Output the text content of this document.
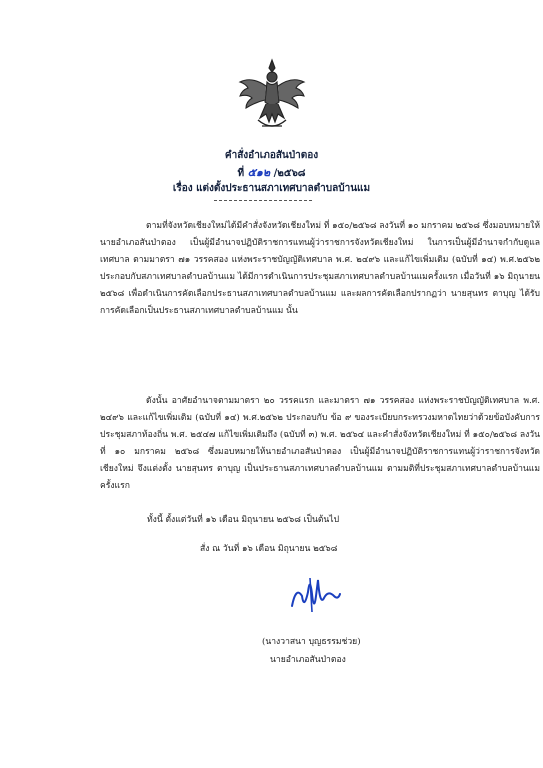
คำสั่งอำเภอสันป่าตอง
ที่ ๕๑๒ /๒๕๖๘
เรื่อง แต่งตั้งประธานสภาเทศบาลตำบลบ้านแม
ตามที่จังหวัดเชียงใหม่ได้มีคำสั่งจังหวัดเชียงใหม่ ที่ ๑๕๐/๒๕๖๘ ลงวันที่ ๑๐ มกราคม ๒๕๖๘ ซึ่งมอบหมายให้นายอำเภอสันป่าตอง เป็นผู้มีอำนาจปฏิบัติราชการแทนผู้ว่าราชการจังหวัดเชียงใหม่ ในการเป็นผู้มีอำนาจกำกับดูแลเทศบาล ตามมาตรา ๗๑ วรรคสอง แห่งพระราชบัญญัติเทศบาล พ.ศ. ๒๔๙๖ และแก้ไขเพิ่มเติม (ฉบับที่ ๑๔) พ.ศ.๒๕๖๒ ประกอบกับสภาเทศบาลตำบลบ้านแม ได้มีการดำเนินการประชุมสภาเทศบาลตำบลบ้านแมครั้งแรก เมื่อวันที่ ๑๖ มิถุนายน ๒๕๖๘ เพื่อดำเนินการคัดเลือกประธานสภาเทศบาลตำบลบ้านแม และผลการคัดเลือกปรากฏว่า นายสุนทร ตาบุญ ได้รับการคัดเลือกเป็นประธานสภาเทศบาลตำบลบ้านแม นั้น
ดังนั้น อาศัยอำนาจตามมาตรา ๒๐ วรรคแรก และมาตรา ๗๑ วรรคสอง แห่งพระราชบัญญัติเทศบาล พ.ศ. ๒๔๙๖ และแก้ไขเพิ่มเติม (ฉบับที่ ๑๔) พ.ศ.๒๕๖๒ ประกอบกับ ข้อ ๙ ของระเบียบกระทรวงมหาดไทยว่าด้วยข้อบังคับการประชุมสภาท้องถิ่น พ.ศ. ๒๕๔๗ แก้ไขเพิ่มเติมถึง (ฉบับที่ ๓) พ.ศ. ๒๕๖๔ และคำสั่งจังหวัดเชียงใหม่ ที่ ๑๕๐/๒๕๖๘ ลงวันที่ ๑๐ มกราคม ๒๕๖๘ ซึ่งมอบหมายให้นายอำเภอสันป่าตอง เป็นผู้มีอำนาจปฏิบัติราชการแทนผู้ว่าราชการจังหวัดเชียงใหม่ จึงแต่งตั้ง นายสุนทร ตาบุญ เป็นประธานสภาเทศบาลตำบลบ้านแม ตามมติที่ประชุมสภาเทศบาลตำบลบ้านแมครั้งแรก
ทั้งนี้ ตั้งแต่วันที่ ๑๖ เดือน มิถุนายน ๒๕๖๘ เป็นต้นไป
สั่ง ณ วันที่ ๑๖ เดือน มิถุนายน ๒๕๖๘
(นางวาสนา บุญธรรมช่วย)
นายอำเภอสันป่าตอง
